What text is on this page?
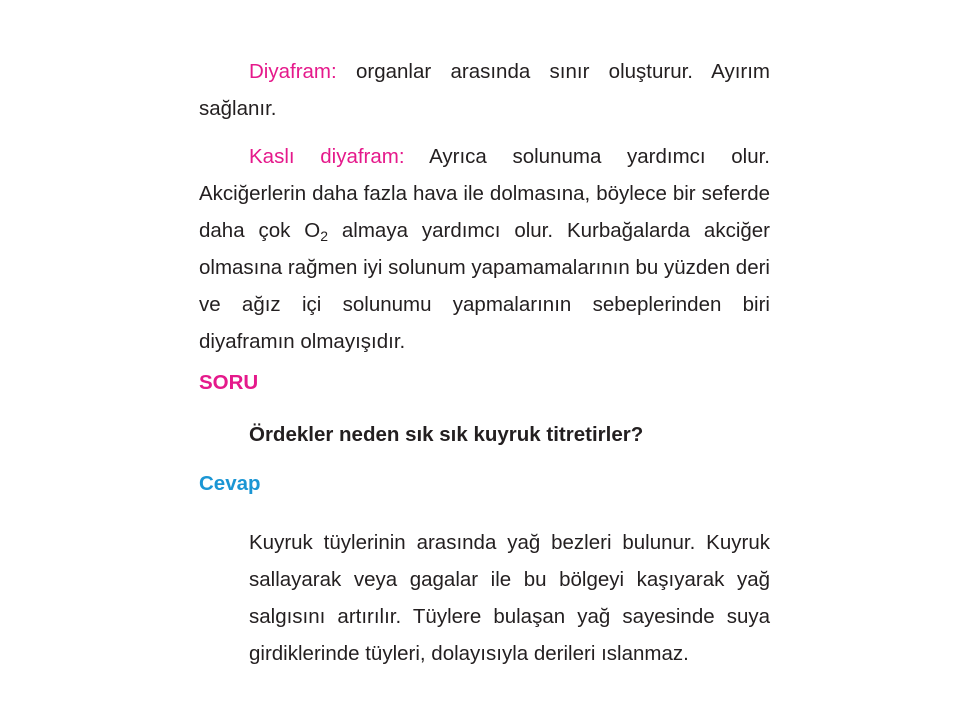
Diyafram: organlar arasında sınır oluşturur. Ayırım sağlanır.

Kaslı diyafram: Ayrıca solunuma yardımcı olur. Akciğerlerin daha fazla hava ile dolmasına, böylece bir seferde daha çok $O_2$ almaya yardımcı olur. Kurbağalarda akciğer olmasına rağmen iyi solunum yapamamalarının bu yüzden deri ve ağız içi solunumu yapmalarının sebeplerinden biri diyaframın olmayışıdır.

SORU

Ördekler neden sık sık kuyruk titretirler?

Cevap

Kuyruk tüylerinin arasında yağ bezleri bulunur. Kuyruk sallayarak veya gagalar ile bu bölgeyi kaşıyarak yağ salgısını artırılır. Tüylere bulaşan yağ sayesinde suya girdiklerinde tüyleri, dolayısıyla derileri ıslanmaz.
